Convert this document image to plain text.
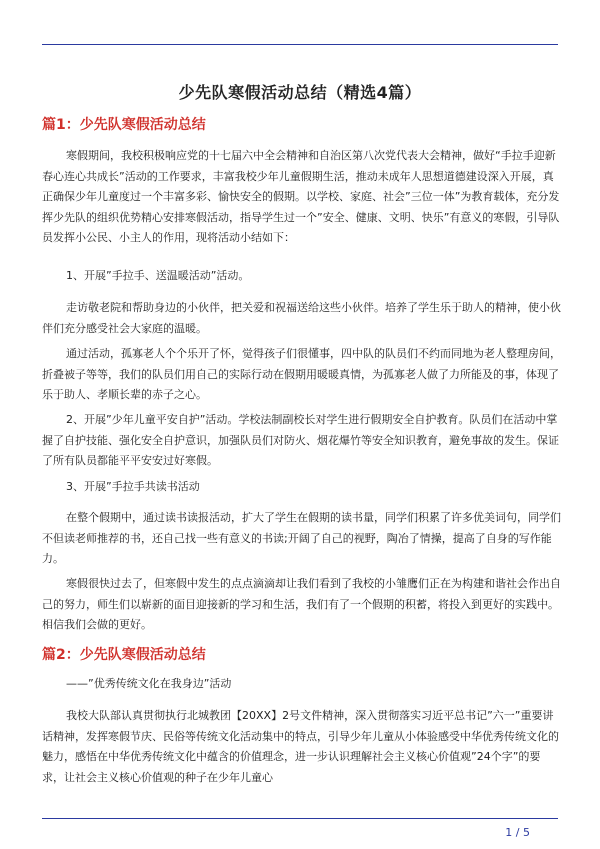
少先队寒假活动总结（精选4篇）
篇1：少先队寒假活动总结
寒假期间，我校积极响应党的十七届六中全会精神和自治区第八次党代表大会精神，做好“手拉手迎新春心连心共成长”活动的工作要求，丰富我校少年儿童假期生活，推动未成年人思想道德建设深入开展，真正确保少年儿童度过一个丰富多彩、愉快安全的假期。以学校、家庭、社会”三位一体”为教育载体，充分发挥少先队的组织优势精心安排寒假活动，指导学生过一个”安全、健康、文明、快乐”有意义的寒假，引导队员发挥小公民、小主人的作用，现将活动小结如下：
1、开展”手拉手、送温暖活动”活动。
走访敬老院和帮助身边的小伙伴，把关爱和祝福送给这些小伙伴。培养了学生乐于助人的精神，使小伙伴们充分感受社会大家庭的温暖。
通过活动，孤寡老人个个乐开了怀，觉得孩子们很懂事，四中队的队员们不约而同地为老人整理房间，折叠被子等等，我们的队员们用自己的实际行动在假期用暖暖真情，为孤寡老人做了力所能及的事，体现了乐于助人、孝顺长辈的赤子之心。
2、开展”少年儿童平安自护”活动。学校法制副校长对学生进行假期安全自护教育。队员们在活动中掌握了自护技能、强化安全自护意识，加强队员们对防火、烟花爆竹等安全知识教育，避免事故的发生。保证了所有队员都能平平安安过好寒假。
3、开展”手拉手共读书活动
在整个假期中，通过读书读报活动，扩大了学生在假期的读书量，同学们积累了许多优美词句，同学们不但读老师推荐的书，还自己找一些有意义的书读;开阔了自己的视野，陶冶了情操，提高了自身的写作能力。
寒假很快过去了，但寒假中发生的点点滴滴却让我们看到了我校的小雏鹰们正在为构建和谐社会作出自己的努力，师生们以崭新的面目迎接新的学习和生活，我们有了一个假期的积蓄，将投入到更好的实践中。相信我们会做的更好。
篇2：少先队寒假活动总结
——”优秀传统文化在我身边”活动
我校大队部认真贯彻执行北城教团【20XX】2号文件精神，深入贯彻落实习近平总书记”六一”重要讲话精神，发挥寒假节庆、民俗等传统文化活动集中的特点，引导少年儿童从小体验感受中华优秀传统文化的魅力，感悟在中华优秀传统文化中蕴含的价值理念，进一步认识理解社会主义核心价值观”24个字”的要求，让社会主义核心价值观的种子在少年儿童心
1 / 5
